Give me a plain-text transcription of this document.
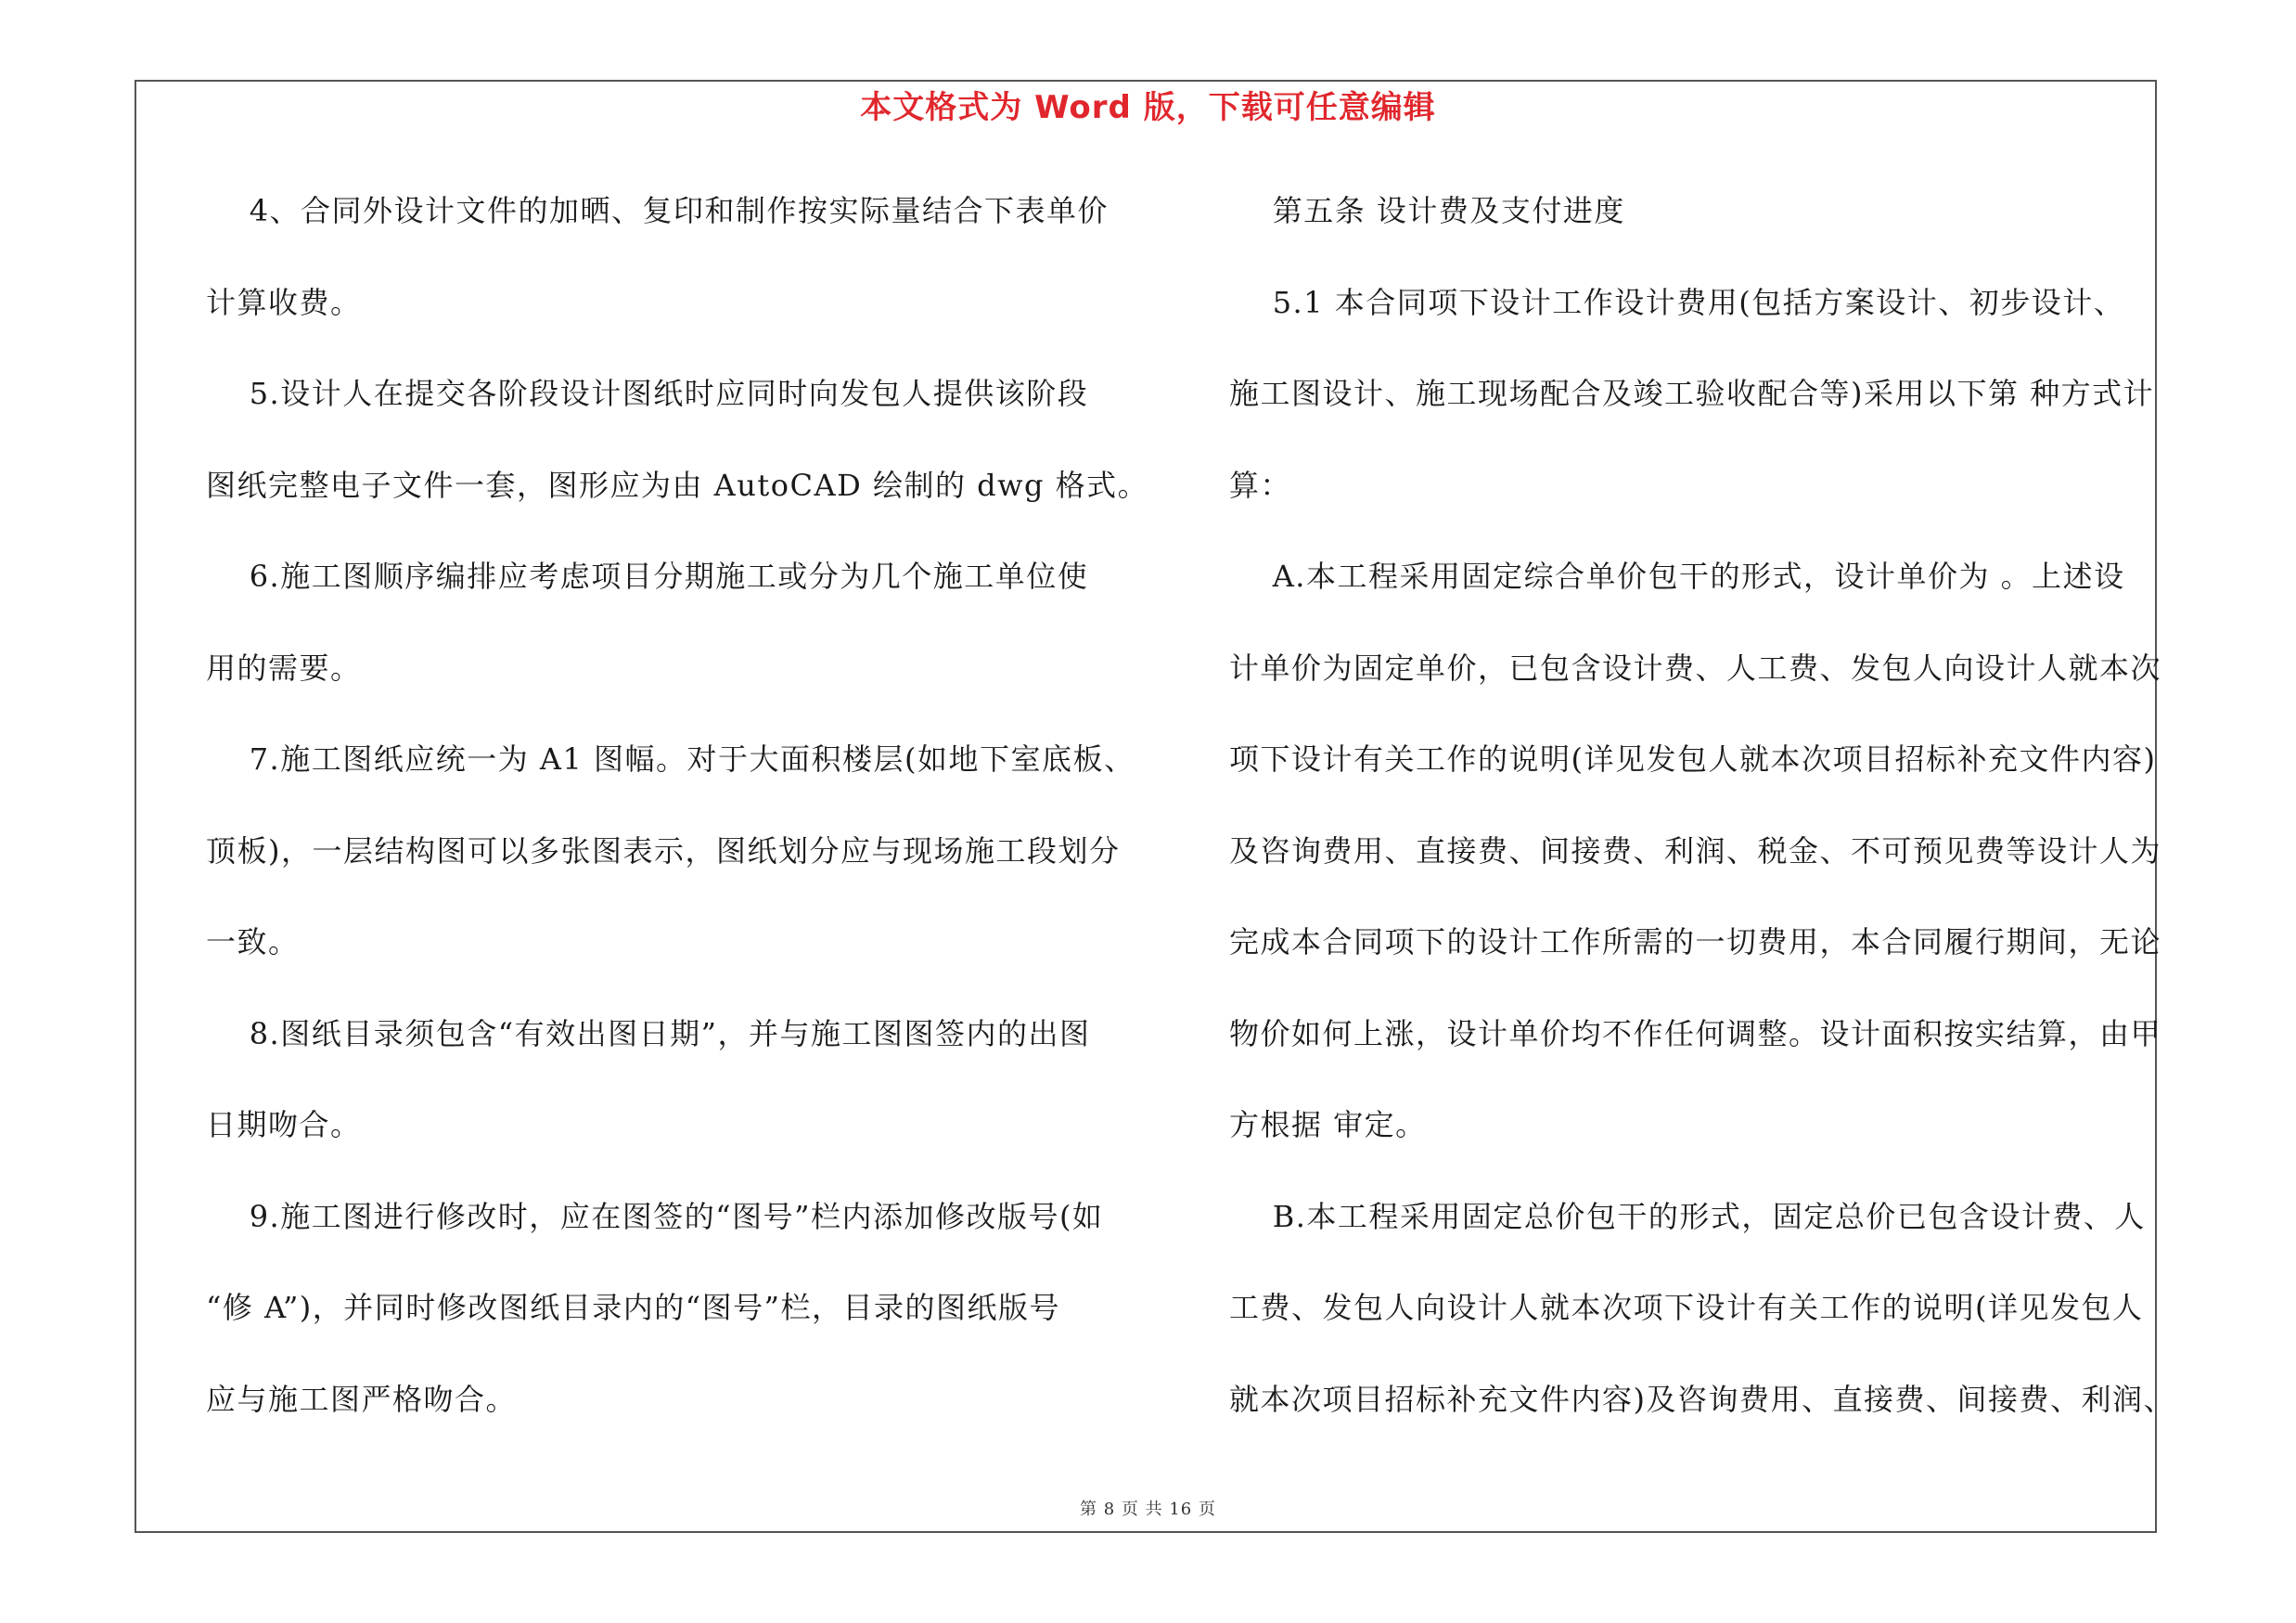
本文格式为 Word 版，下载可任意编辑
4、合同外设计文件的加晒、复印和制作按实际量结合下表单价
计算收费。
5.设计人在提交各阶段设计图纸时应同时向发包人提供该阶段
图纸完整电子文件一套，图形应为由 AutoCAD 绘制的 dwg 格式。
6.施工图顺序编排应考虑项目分期施工或分为几个施工单位使
用的需要。
7.施工图纸应统一为 A1 图幅。对于大面积楼层(如地下室底板、
顶板)，一层结构图可以多张图表示，图纸划分应与现场施工段划分
一致。
8.图纸目录须包含“有效出图日期”，并与施工图图签内的出图
日期吻合。
9.施工图进行修改时，应在图签的“图号”栏内添加修改版号(如
“修 A”)，并同时修改图纸目录内的“图号”栏，目录的图纸版号
应与施工图严格吻合。
第五条 设计费及支付进度
5.1 本合同项下设计工作设计费用(包括方案设计、初步设计、
施工图设计、施工现场配合及竣工验收配合等)采用以下第 种方式计
算：
A.本工程采用固定综合单价包干的形式，设计单价为 。上述设
计单价为固定单价，已包含设计费、人工费、发包人向设计人就本次
项下设计有关工作的说明(详见发包人就本次项目招标补充文件内容)
及咨询费用、直接费、间接费、利润、税金、不可预见费等设计人为
完成本合同项下的设计工作所需的一切费用，本合同履行期间，无论
物价如何上涨，设计单价均不作任何调整。设计面积按实结算，由甲
方根据 审定。
B.本工程采用固定总价包干的形式，固定总价已包含设计费、人
工费、发包人向设计人就本次项下设计有关工作的说明(详见发包人
就本次项目招标补充文件内容)及咨询费用、直接费、间接费、利润、
第 8 页 共 16 页
